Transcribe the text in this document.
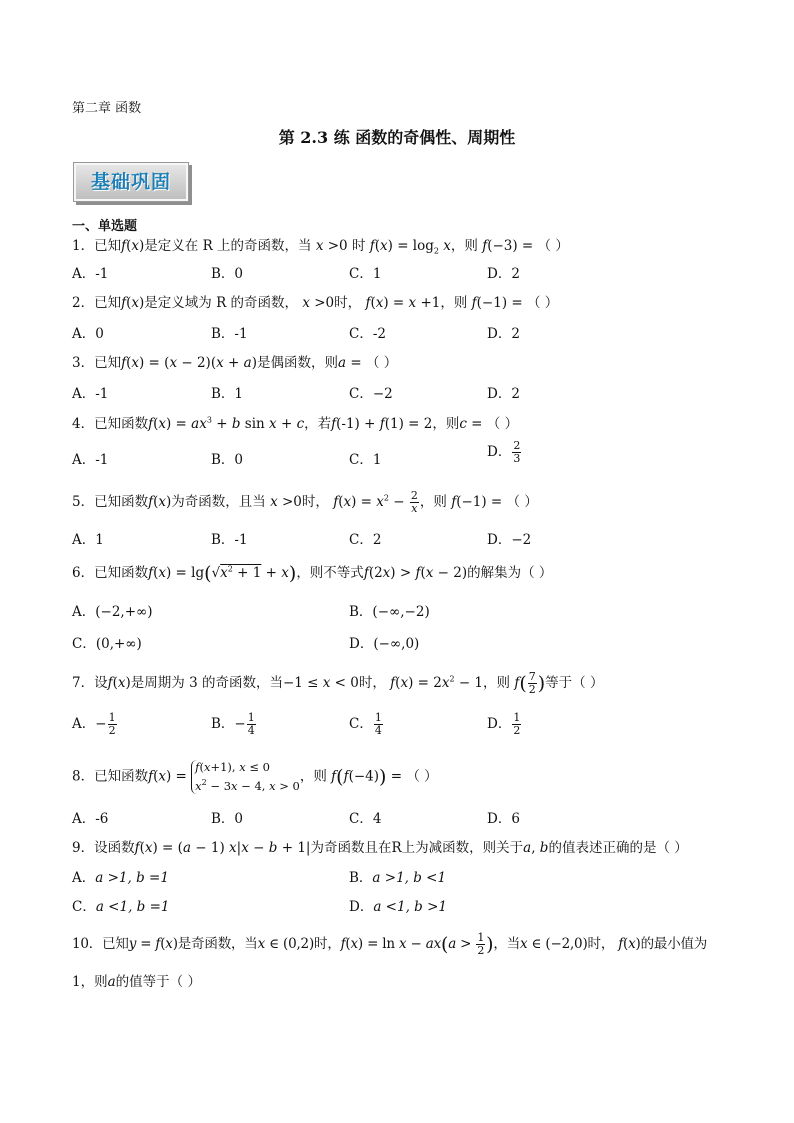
第二章 函数
第 2.3 练 函数的奇偶性、周期性
基础巩固
一、单选题
1．已知f(x)是定义在 R 上的奇函数，当 x >0 时 $f(x) = \log_2 x$，则 f(−3) = （ ）
A．-1	B．0	C．1	D．2
2．已知f(x)是定义域为 R 的奇函数， x >0时， f(x) = x +1，则 f(−1) = （ ）
A．0	B．-1	C．-2	D．2
3．已知f(x) = (x − 2)(x + a)是偶函数，则a = （ ）
A．-1	B．1	C．−2	D．2
4．已知函数$f(x) = ax^3 + b$ sin x + c，若f(-1) + f(1) = 2，则c = （ ）
A．-1	B．0	C．1	D． $\frac{2}{3}$
5．已知函数f(x)为奇函数，且当 x >0时， $f(x) = x^2 - \frac{2}{x}$ ，则 f(−1) = （ ）
A．1	B．-1	C．2	D．−2
6．已知函数$f(x) = \lg(√x^2 + 1 + x)$，则不等式f(2x) > f(x − 2)的解集为（ ）
A．(−2,+∞)	B．(−∞,−2)
C．(0,+∞)	D．(−∞,0)
7．设f(x)是周期为 3 的奇函数，当−1 ≤ x < 0时， $f(x) = 2x^2 - 1$，则 $f( \frac{7}{2}$ )等于（ ）
A．− $\frac{1}{2}$	B．− $\frac{1}{4}$	C． $\frac{1}{4}$	D． $\frac{1}{2}$
8．已知函数f(x) = f(x+1), x ≤ 0
$x^2 - 3x - 4$, x > 0，则 f(f(−4)) = （ ）
A．-6	B．0	C．4	D．6
9．设函数f(x) = (a − 1) x|x − b + 1|为奇函数且在R上为减函数，则关于a, b的值表述正确的是（ ）
A．a >1, b =1	B．a >1, b <1
C．a <1, b =1	D．a <1, b >1
10．已知y = f(x)是奇函数，当x ∈ (0,2)时，$f(x) = \ln x - ax(a > \frac{1}{2}$ )，当x ∈ (−2,0)时， f(x)的最小值为
1，则a的值等于（ ）
